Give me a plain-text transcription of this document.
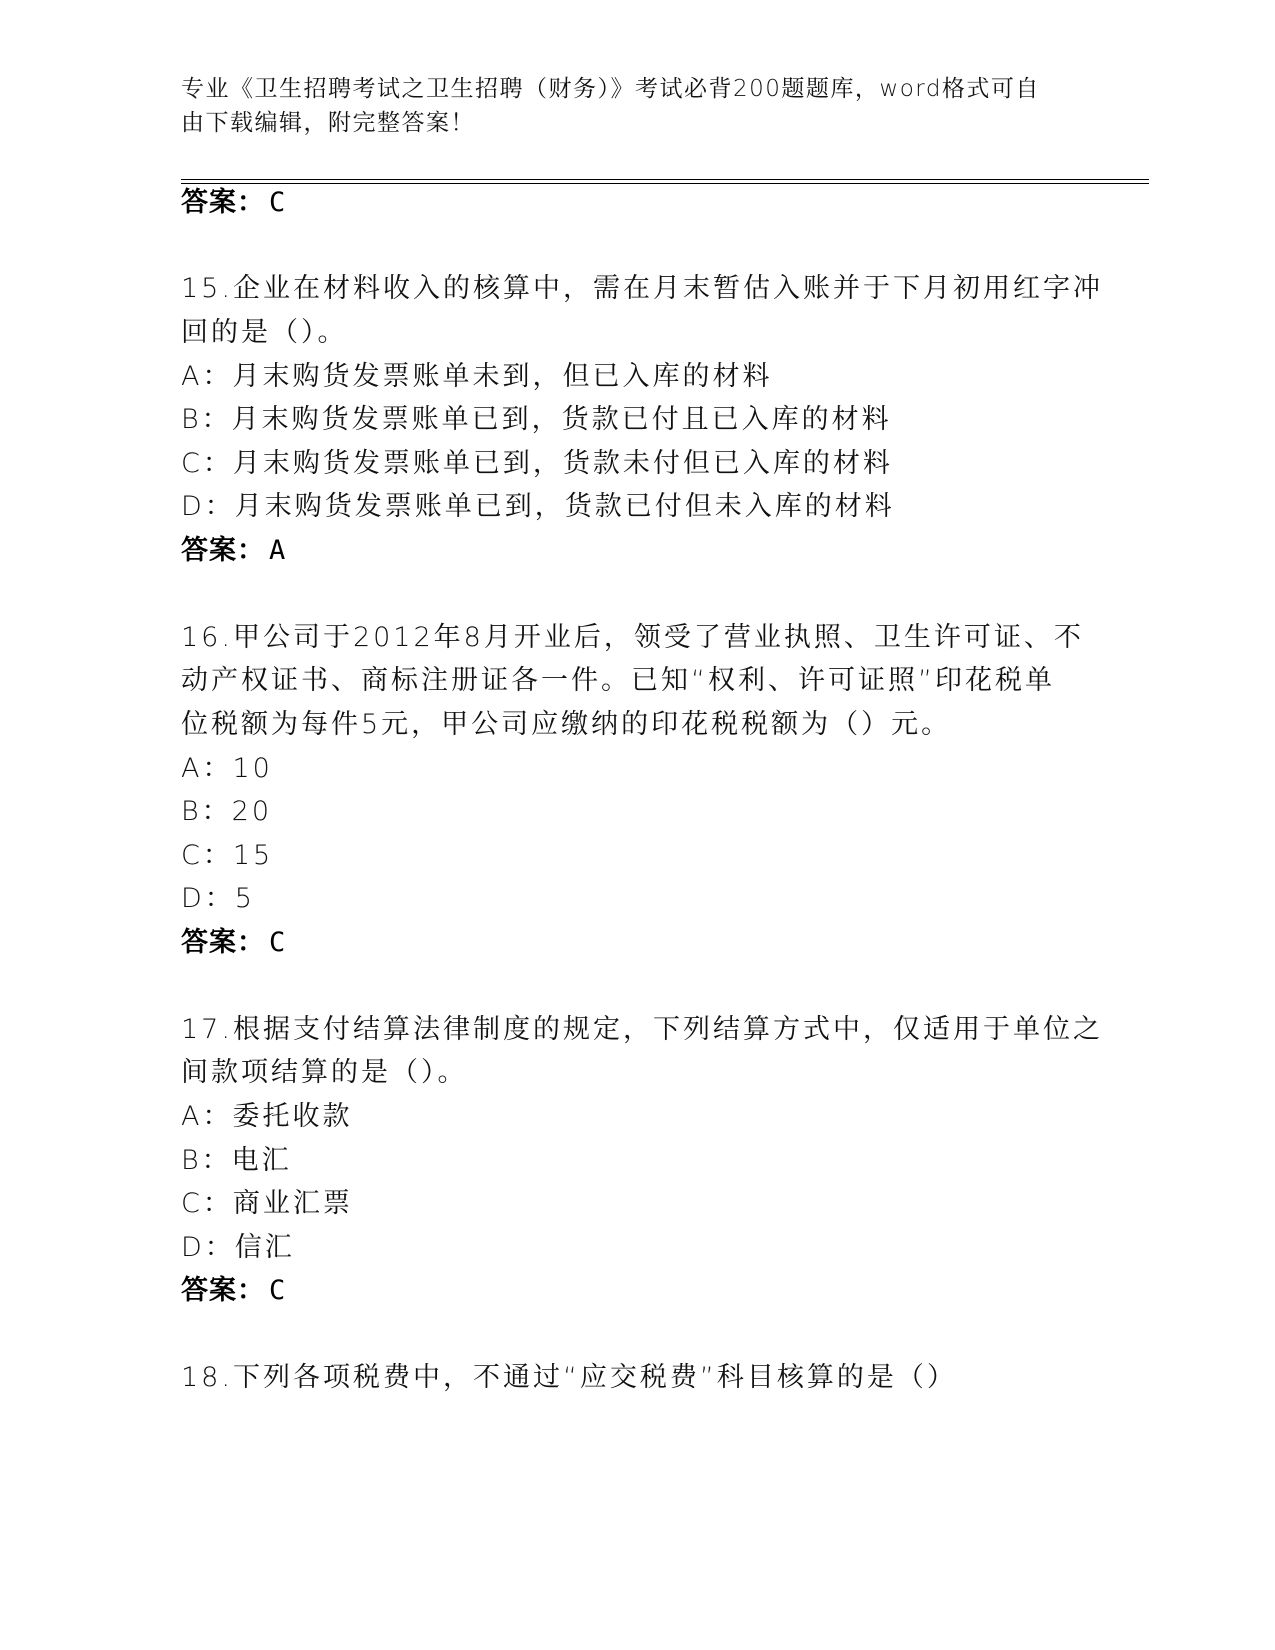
专业《卫生招聘考试之卫生招聘（财务）》考试必背200题题库，word格式可自
由下载编辑，附完整答案！
答案： C
15.企业在材料收入的核算中，需在月末暂估入账并于下月初用红字冲
回的是（）。
A：月末购货发票账单未到，但已入库的材料
B：月末购货发票账单已到，货款已付且已入库的材料
C：月末购货发票账单已到，货款未付但已入库的材料
D：月末购货发票账单已到，货款已付但未入库的材料
答案： A
16.甲公司于2012年8月开业后，领受了营业执照、卫生许可证、不
动产权证书、商标注册证各一件。已知“权利、许可证照”印花税单
位税额为每件5元，甲公司应缴纳的印花税税额为（）元。
A：10
B：20
C：15
D：5
答案： C
17.根据支付结算法律制度的规定，下列结算方式中，仅适用于单位之
间款项结算的是（）。
A：委托收款
B：电汇
C：商业汇票
D：信汇
答案： C
18.下列各项税费中，不通过“应交税费”科目核算的是（）
